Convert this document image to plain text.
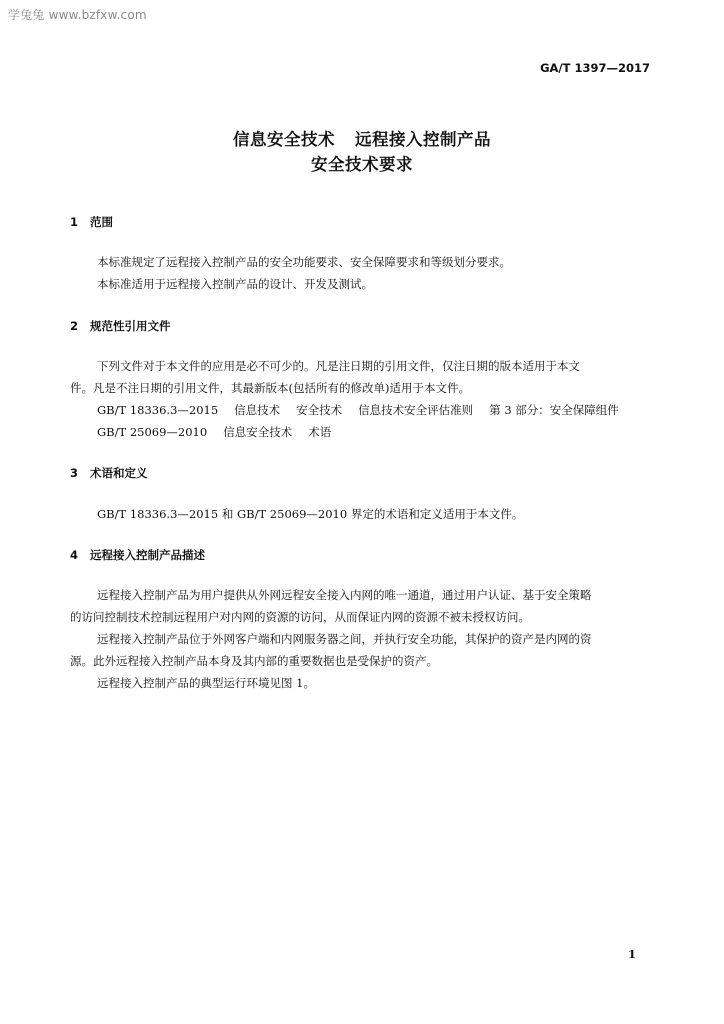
学兔兔 www.bzfxw.com
GA/T 1397—2017
信息安全技术 远程接入控制产品
安全技术要求
1 范围
本标准规定了远程接入控制产品的安全功能要求、安全保障要求和等级划分要求。
本标准适用于远程接入控制产品的设计、开发及测试。
2 规范性引用文件
下列文件对于本文件的应用是必不可少的。凡是注日期的引用文件，仅注日期的版本适用于本文
件。凡是不注日期的引用文件，其最新版本(包括所有的修改单)适用于本文件。
GB/T 18336.3—2015 信息技术 安全技术 信息技术安全评估准则 第 3 部分：安全保障组件
GB/T 25069—2010 信息安全技术 术语
3 术语和定义
GB/T 18336.3—2015 和 GB/T 25069—2010 界定的术语和定义适用于本文件。
4 远程接入控制产品描述
远程接入控制产品为用户提供从外网远程安全接入内网的唯一通道，通过用户认证、基于安全策略
的访问控制技术控制远程用户对内网的资源的访问，从而保证内网的资源不被未授权访问。
远程接入控制产品位于外网客户端和内网服务器之间，并执行安全功能，其保护的资产是内网的资
源。此外远程接入控制产品本身及其内部的重要数据也是受保护的资产。
远程接入控制产品的典型运行环境见图 1。
1
